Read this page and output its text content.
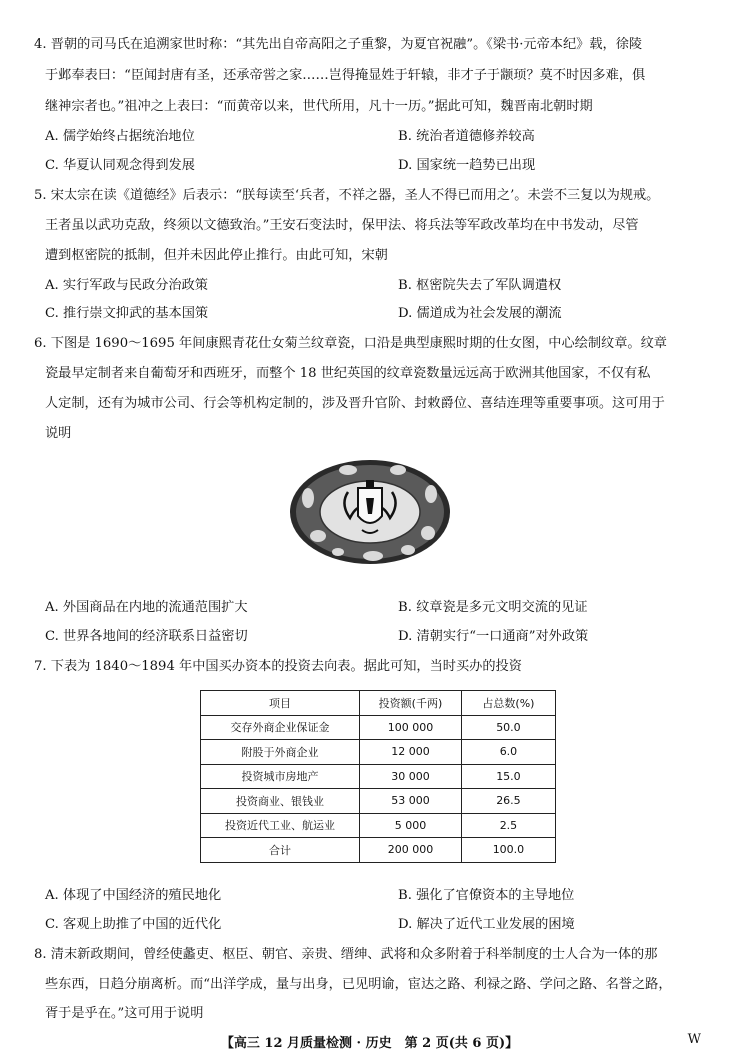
4. 晋朝的司马氏在追溯家世时称：“其先出自帝高阳之子重黎，为夏官祝融”。《梁书·元帝本纪》载，徐陵
于邺奉表曰：“臣闻封唐有圣，还承帝喾之家……岂得掩显姓于轩辕，非才子于颛顼？莫不时因多难，俱
继神宗者也。”祖冲之上表曰：“而黄帝以来，世代所用，凡十一历。”据此可知，魏晋南北朝时期
A. 儒学始终占据统治地位	B. 统治者道德修养较高
C. 华夏认同观念得到发展	D. 国家统一趋势已出现
5. 宋太宗在读《道德经》后表示：“朕每读至‘兵者，不祥之器，圣人不得已而用之’。未尝不三复以为规戒。
王者虽以武功克敌，终须以文德致治。”王安石变法时，保甲法、将兵法等军政改革均在中书发动，尽管
遭到枢密院的抵制，但并未因此停止推行。由此可知，宋朝
A. 实行军政与民政分治政策	B. 枢密院失去了军队调遣权
C. 推行崇文抑武的基本国策	D. 儒道成为社会发展的潮流
6. 下图是 1690～1695 年间康熙青花仕女菊兰纹章瓷，口沿是典型康熙时期的仕女图，中心绘制纹章。纹章
瓷最早定制者来自葡萄牙和西班牙，而整个 18 世纪英国的纹章瓷数量远远高于欧洲其他国家，不仅有私
人定制，还有为城市公司、行会等机构定制的，涉及晋升官阶、封敕爵位、喜结连理等重要事项。这可用于
说明
A. 外国商品在内地的流通范围扩大	B. 纹章瓷是多元文明交流的见证
C. 世界各地间的经济联系日益密切	D. 清朝实行“一口通商”对外政策
7. 下表为 1840～1894 年中国买办资本的投资去向表。据此可知，当时买办的投资
项目	投资额(千两)	占总数(%)
交存外商企业保证金	100 000	50.0
附股于外商企业	12 000	6.0
投资城市房地产	30 000	15.0
投资商业、银钱业	53 000	26.5
投资近代工业、航运业	5 000	2.5
合计	200 000	100.0
A. 体现了中国经济的殖民地化	B. 强化了官僚资本的主导地位
C. 客观上助推了中国的近代化	D. 解决了近代工业发展的困境
8. 清末新政期间，曾经使蠡吏、枢臣、朝官、亲贵、缙绅、武将和众多附着于科举制度的士人合为一体的那
些东西，日趋分崩离析。而“出洋学成，量与出身，已见明谕，宦达之路、利禄之路、学问之路、名誉之路，
胥于是乎在。”这可用于说明
【高三 12 月质量检测 · 历史　第 2 页(共 6 页)】	W
